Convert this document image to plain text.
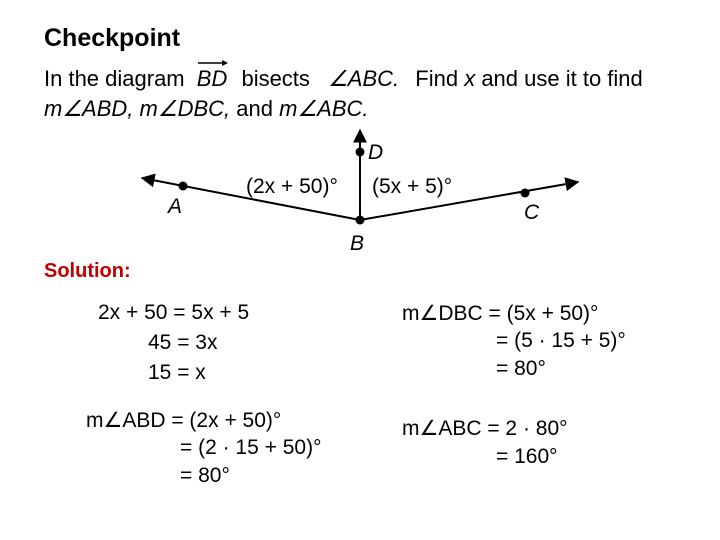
Checkpoint
In the diagram BD bisects ∠ABC. Find x and use it to find
m∠ABD, m∠DBC, and m∠ABC.
A
B
C
D
(2x + 50)° (5x + 5)°
Solution:
2x + 50 = 5x + 5
45 = 3x
15 = x
m∠ABD = (2x + 50)°
= (2 · 15 + 50)°
= 80°
m∠DBC = (5x + 50)°
= (5 · 15 + 5)°
= 80°
m∠ABC = 2 · 80°
= 160°
